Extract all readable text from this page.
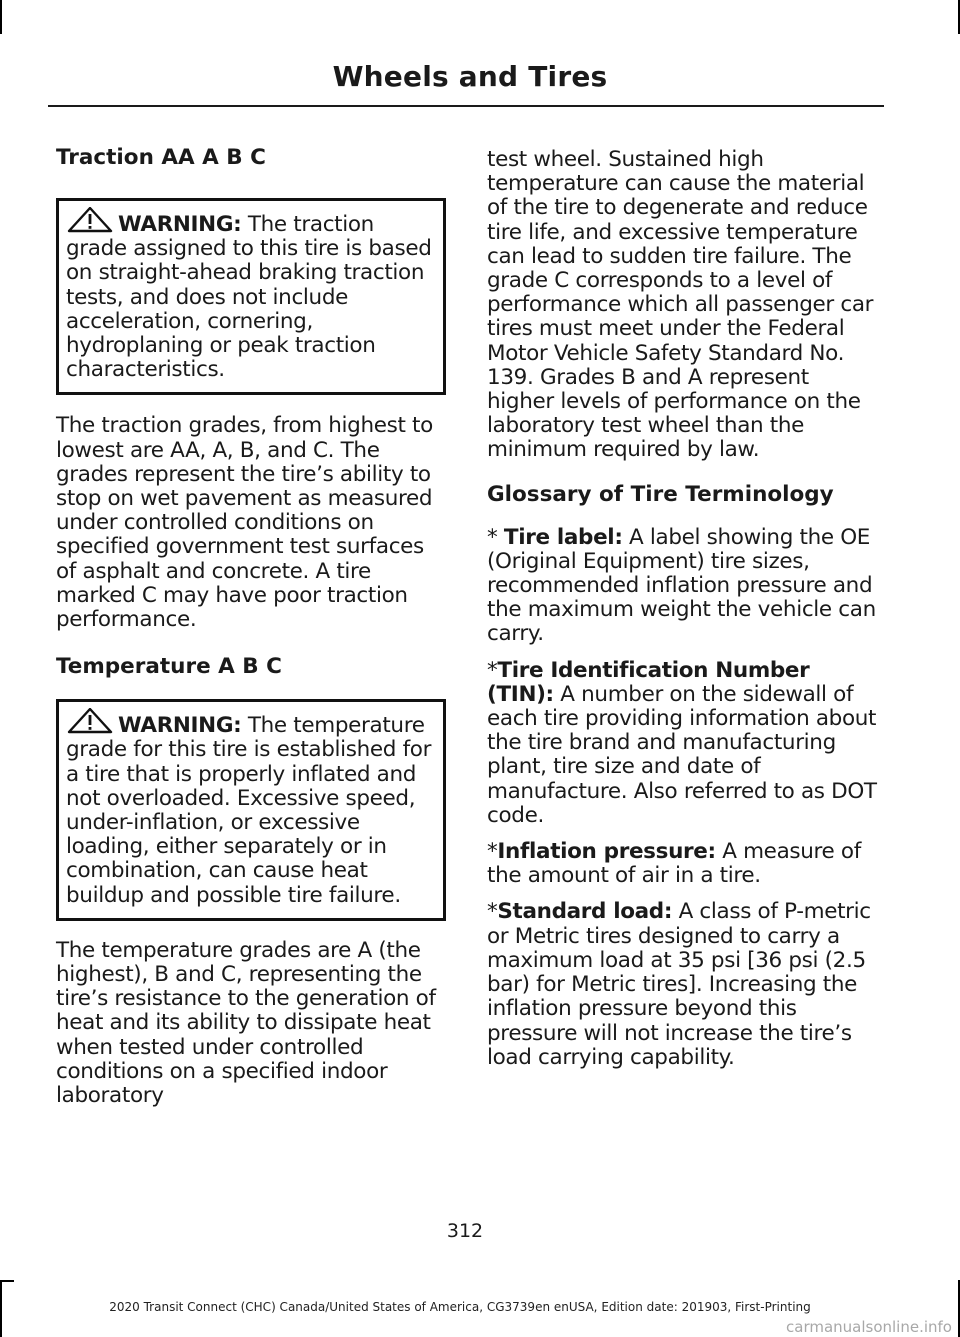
Wheels and Tires
Traction AA A B C
WARNING: The traction grade assigned to this tire is based on straight-ahead braking traction tests, and does not include acceleration, cornering, hydroplaning or peak traction characteristics.

The traction grades, from highest to lowest are AA, A, B, and C. The grades represent the tire’s ability to stop on wet pavement as measured under controlled conditions on specified government test surfaces of asphalt and concrete. A tire marked C may have poor traction performance.

Temperature A B C
WARNING: The temperature grade for this tire is established for a tire that is properly inflated and not overloaded. Excessive speed, under-inflation, or excessive loading, either separately or in combination, can cause heat buildup and possible tire failure.

The temperature grades are A (the highest), B and C, representing the tire’s resistance to the generation of heat and its ability to dissipate heat when tested under controlled conditions on a specified indoor laboratory

test wheel. Sustained high temperature can cause the material of the tire to degenerate and reduce tire life, and excessive temperature can lead to sudden tire failure. The grade C corresponds to a level of performance which all passenger car tires must meet under the Federal Motor Vehicle Safety Standard No. 139. Grades B and A represent higher levels of performance on the laboratory test wheel than the minimum required by law.

Glossary of Tire Terminology

* Tire label: A label showing the OE (Original Equipment) tire sizes, recommended inflation pressure and the maximum weight the vehicle can carry.

*Tire Identification Number (TIN): A number on the sidewall of each tire providing information about the tire brand and manufacturing plant, tire size and date of manufacture. Also referred to as DOT code.

*Inflation pressure: A measure of the amount of air in a tire.

*Standard load: A class of P-metric or Metric tires designed to carry a maximum load at 35 psi [36 psi (2.5 bar) for Metric tires]. Increasing the inflation pressure beyond this pressure will not increase the tire’s load carrying capability.

312
2020 Transit Connect (CHC) Canada/United States of America, CG3739en enUSA, Edition date: 201903, First-Printing
carmanualsonline.info
